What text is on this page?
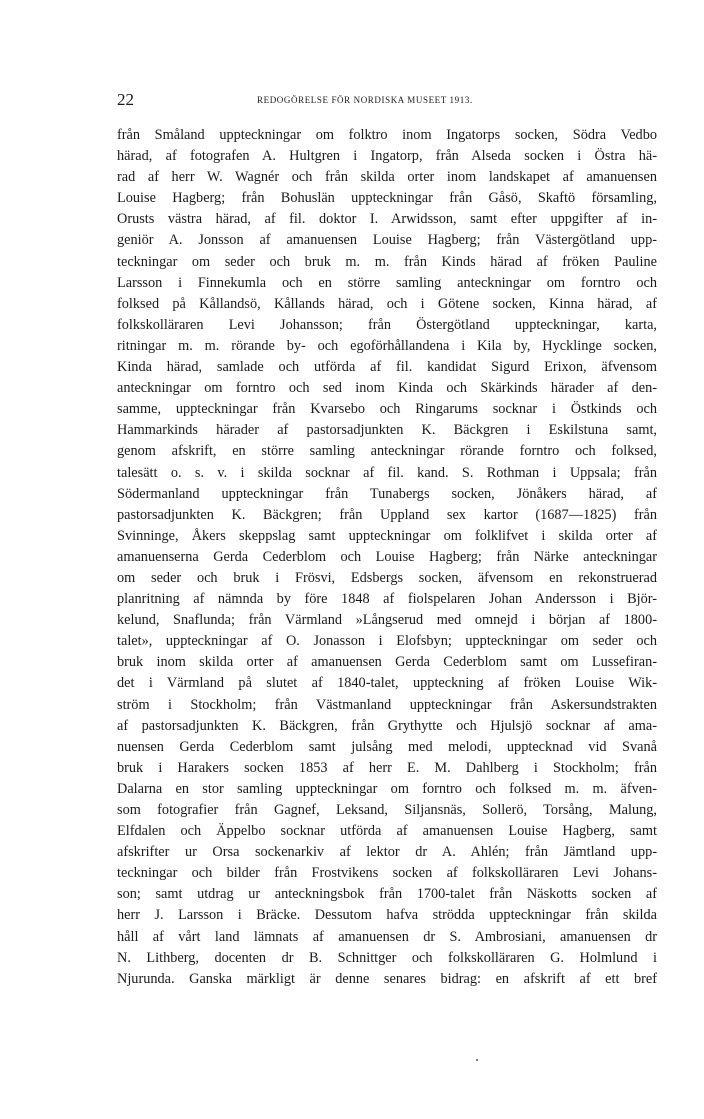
22	REDOGÖRELSE FÖR NORDISKA MUSEET 1913.
från Småland uppteckningar om folktro inom Ingatorps socken, Södra Vedbo
härad, af fotografen A. Hultgren i Ingatorp, från Alseda socken i Östra hä-
rad af herr W. Wagnér och från skilda orter inom landskapet af amanuensen
Louise Hagberg; från Bohuslän uppteckningar från Gåsö, Skaftö församling,
Orusts västra härad, af fil. doktor I. Arwidsson, samt efter uppgifter af in-
geniör A. Jonsson af amanuensen Louise Hagberg; från Västergötland upp-
teckningar om seder och bruk m. m. från Kinds härad af fröken Pauline
Larsson i Finnekumla och en större samling anteckningar om forntro och
folksed på Kållandsö, Kållands härad, och i Götene socken, Kinna härad, af
folkskolläraren Levi Johansson; från Östergötland uppteckningar, karta,
ritningar m. m. rörande by- och egoförhållandena i Kila by, Hycklinge socken,
Kinda härad, samlade och utförda af fil. kandidat Sigurd Erixon, äfvensom
anteckningar om forntro och sed inom Kinda och Skärkinds härader af den-
samme, uppteckningar från Kvarsebo och Ringarums socknar i Östkinds och
Hammarkinds härader af pastorsadjunkten K. Bäckgren i Eskilstuna samt,
genom afskrift, en större samling anteckningar rörande forntro och folksed,
talesätt o. s. v. i skilda socknar af fil. kand. S. Rothman i Uppsala; från
Södermanland uppteckningar från Tunabergs socken, Jönåkers härad, af
pastorsadjunkten K. Bäckgren; från Uppland sex kartor (1687—1825) från
Svinninge, Åkers skeppslag samt uppteckningar om folklifvet i skilda orter af
amanuenserna Gerda Cederblom och Louise Hagberg; från Närke anteckningar
om seder och bruk i Frösvi, Edsbergs socken, äfvensom en rekonstruerad
planritning af nämnda by före 1848 af fiolspelaren Johan Andersson i Björ-
kelund, Snaflunda; från Värmland »Långserud med omnejd i början af 1800-
talet», uppteckningar af O. Jonasson i Elofsbyn; uppteckningar om seder och
bruk inom skilda orter af amanuensen Gerda Cederblom samt om Lussefiran-
det i Värmland på slutet af 1840-talet, uppteckning af fröken Louise Wik-
ström i Stockholm; från Västmanland uppteckningar från Askersundstrakten
af pastorsadjunkten K. Bäckgren, från Grythytte och Hjulsjö socknar af ama-
nuensen Gerda Cederblom samt julsång med melodi, upptecknad vid Svanå
bruk i Harakers socken 1853 af herr E. M. Dahlberg i Stockholm; från
Dalarna en stor samling uppteckningar om forntro och folksed m. m. äfven-
som fotografier från Gagnef, Leksand, Siljansnäs, Sollerö, Torsång, Malung,
Elfdalen och Äppelbo socknar utförda af amanuensen Louise Hagberg, samt
afskrifter ur Orsa sockenarkiv af lektor dr A. Ahlén; från Jämtland upp-
teckningar och bilder från Frostvikens socken af folkskolläraren Levi Johans-
son; samt utdrag ur anteckningsbok från 1700-talet från Näskotts socken af
herr J. Larsson i Bräcke. Dessutom hafva strödda uppteckningar från skilda
håll af vårt land lämnats af amanuensen dr S. Ambrosiani, amanuensen dr
N. Lithberg, docenten dr B. Schnittger och folkskolläraren G. Holmlund i
Njurunda. Ganska märkligt är denne senares bidrag: en afskrift af ett bref
